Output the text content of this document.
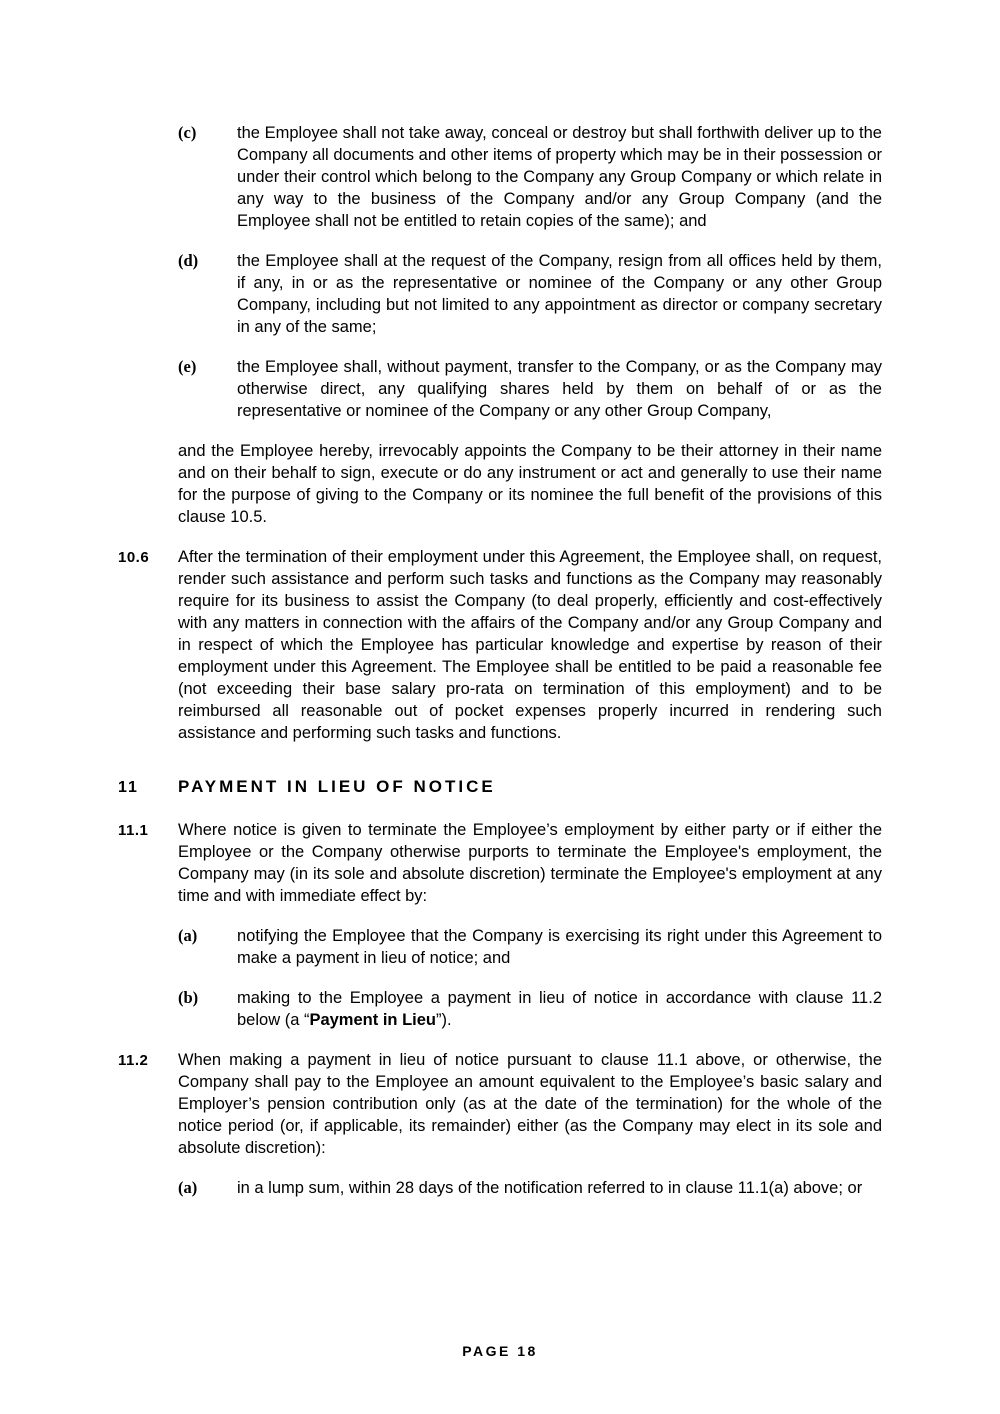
(c)	the Employee shall not take away, conceal or destroy but shall forthwith deliver up to the Company all documents and other items of property which may be in their possession or under their control which belong to the Company any Group Company or which relate in any way to the business of the Company and/or any Group Company (and the Employee shall not be entitled to retain copies of the same); and
(d)	the Employee shall at the request of the Company, resign from all offices held by them, if any, in or as the representative or nominee of the Company or any other Group Company, including but not limited to any appointment as director or company secretary in any of the same;
(e)	the Employee shall, without payment, transfer to the Company, or as the Company may otherwise direct, any qualifying shares held by them on behalf of or as the representative or nominee of the Company or any other Group Company,
and the Employee hereby, irrevocably appoints the Company to be their attorney in their name and on their behalf to sign, execute or do any instrument or act and generally to use their name for the purpose of giving to the Company or its nominee the full benefit of the provisions of this clause 10.5.
10.6	After the termination of their employment under this Agreement, the Employee shall, on request, render such assistance and perform such tasks and functions as the Company may reasonably require for its business to assist the Company (to deal properly, efficiently and cost-effectively with any matters in connection with the affairs of the Company and/or any Group Company and in respect of which the Employee has particular knowledge and expertise by reason of their employment under this Agreement. The Employee shall be entitled to be paid a reasonable fee (not exceeding their base salary pro-rata on termination of this employment) and to be reimbursed all reasonable out of pocket expenses properly incurred in rendering such assistance and performing such tasks and functions.
11	PAYMENT IN LIEU OF NOTICE
11.1	Where notice is given to terminate the Employee’s employment by either party or if either the Employee or the Company otherwise purports to terminate the Employee's employment, the Company may (in its sole and absolute discretion) terminate the Employee's employment at any time and with immediate effect by:
(a)	notifying the Employee that the Company is exercising its right under this Agreement to make a payment in lieu of notice; and
(b)	making to the Employee a payment in lieu of notice in accordance with clause 11.2 below (a “Payment in Lieu”).
11.2	When making a payment in lieu of notice pursuant to clause 11.1 above, or otherwise, the Company shall pay to the Employee an amount equivalent to the Employee’s basic salary and Employer’s pension contribution only (as at the date of the termination) for the whole of the notice period (or, if applicable, its remainder) either (as the Company may elect in its sole and absolute discretion):
(a)	in a lump sum, within 28 days of the notification referred to in clause 11.1(a) above; or
PAGE 18
